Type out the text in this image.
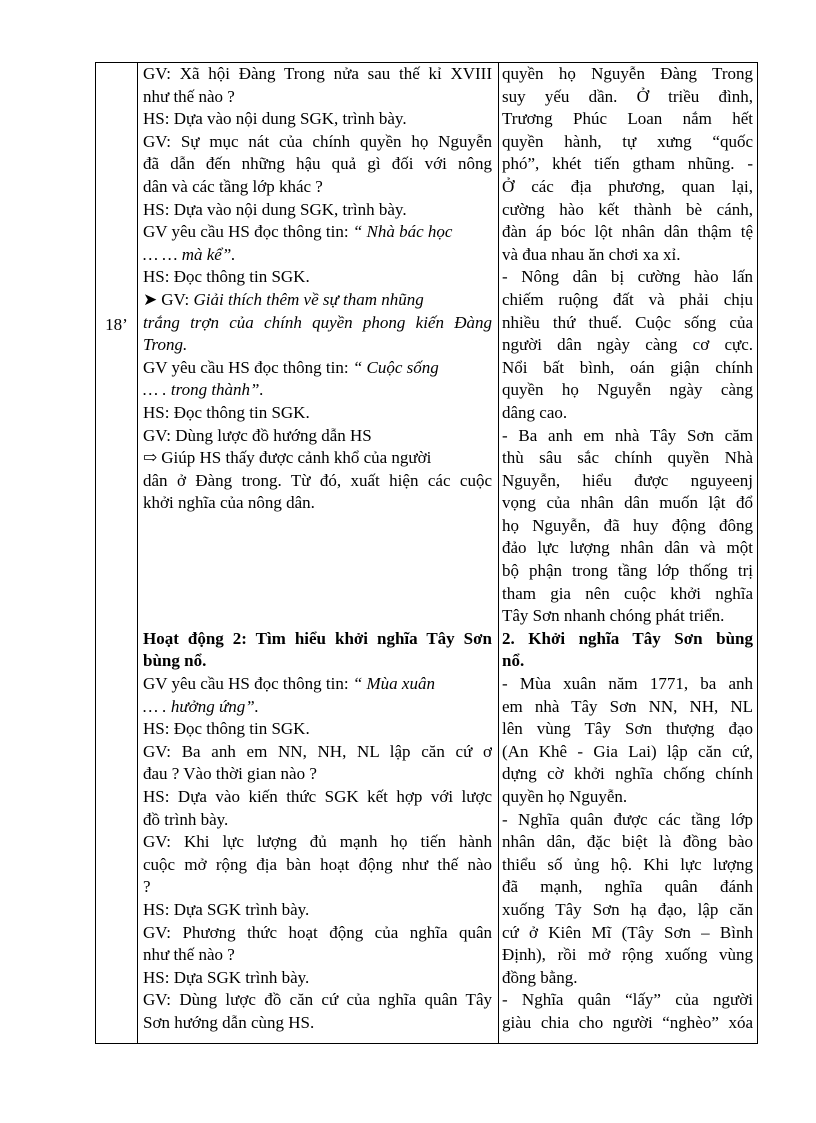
18’
GV: Xã hội Đàng Trong nửa sau thế kỉ XVIII
như thế nào ?
HS: Dựa vào nội dung SGK, trình bày.
GV: Sự mục nát của chính quyền họ Nguyễn
đã dẫn đến những hậu quả gì đối với nông
dân và các tầng lớp khác ?
HS: Dựa vào nội dung SGK, trình bày.
GV yêu cầu HS đọc thông tin: “ Nhà bác học
… … mà kể”.
HS: Đọc thông tin SGK.
➤ GV: Giải thích thêm về sự tham nhũng
trắng trợn của chính quyền phong kiến Đàng
Trong.
GV yêu cầu HS đọc thông tin: “ Cuộc sống
… . trong thành”.
HS: Đọc thông tin SGK.
GV: Dùng lược đồ hướng dẫn HS
⇨ Giúp HS thấy được cảnh khổ của người
dân ở Đàng trong. Từ đó, xuất hiện các cuộc
khởi nghĩa của nông dân.
Hoạt động 2: Tìm hiểu khởi nghĩa Tây Sơn
bùng nổ.
GV yêu cầu HS đọc thông tin: “ Mùa xuân
… . hưởng ứng”.
HS: Đọc thông tin SGK.
GV: Ba anh em NN, NH, NL lập căn cứ ơ
đau ? Vào thời gian nào ?
HS: Dựa vào kiến thức SGK kết hợp với lược
đồ trình bày.
GV: Khi lực lượng đủ mạnh họ tiến hành
cuộc mở rộng địa bàn hoạt động như thế nào
?
HS: Dựa SGK trình bày.
GV: Phương thức hoạt động của nghĩa quân
như thế nào ?
HS: Dựa SGK trình bày.
GV: Dùng lược đồ căn cứ của nghĩa quân Tây
Sơn hướng dẫn cùng HS.
quyền họ Nguyễn Đàng Trong
suy yếu dần. Ở triều đình,
Trương Phúc Loan nắm hết
quyền hành, tự xưng “quốc
phó”, khét tiến gtham nhũng. -
Ở các địa phương, quan lại,
cường hào kết thành bè cánh,
đàn áp bóc lột nhân dân thậm tệ
và đua nhau ăn chơi xa xỉ.
- Nông dân bị cường hào lấn
chiếm ruộng đất và phải chịu
nhiều thứ thuế. Cuộc sống của
người dân ngày càng cơ cực.
Nổi bất bình, oán giận chính
quyền họ Nguyễn ngày càng
dâng cao.
- Ba anh em nhà Tây Sơn căm
thù sâu sắc chính quyền Nhà
Nguyễn, hiểu được nguyeenj
vọng của nhân dân muốn lật đổ
họ Nguyễn, đã huy động đông
đảo lực lượng nhân dân và một
bộ phận trong tầng lớp thống trị
tham gia nên cuộc khởi nghĩa
Tây Sơn nhanh chóng phát triển.
2. Khởi nghĩa Tây Sơn bùng
nổ.
- Mùa xuân năm 1771, ba anh
em nhà Tây Sơn NN, NH, NL
lên vùng Tây Sơn thượng đạo
(An Khê - Gia Lai) lập căn cứ,
dựng cờ khởi nghĩa chống chính
quyền họ Nguyễn.
- Nghĩa quân được các tầng lớp
nhân dân, đặc biệt là đồng bào
thiểu số ủng hộ. Khi lực lượng
đã mạnh, nghĩa quân đánh
xuống Tây Sơn hạ đạo, lập căn
cứ ở Kiên Mĩ (Tây Sơn – Bình
Định), rồi mở rộng xuống vùng
đồng bằng.
- Nghĩa quân “lấy” của người
giàu chia cho người “nghèo” xóa
